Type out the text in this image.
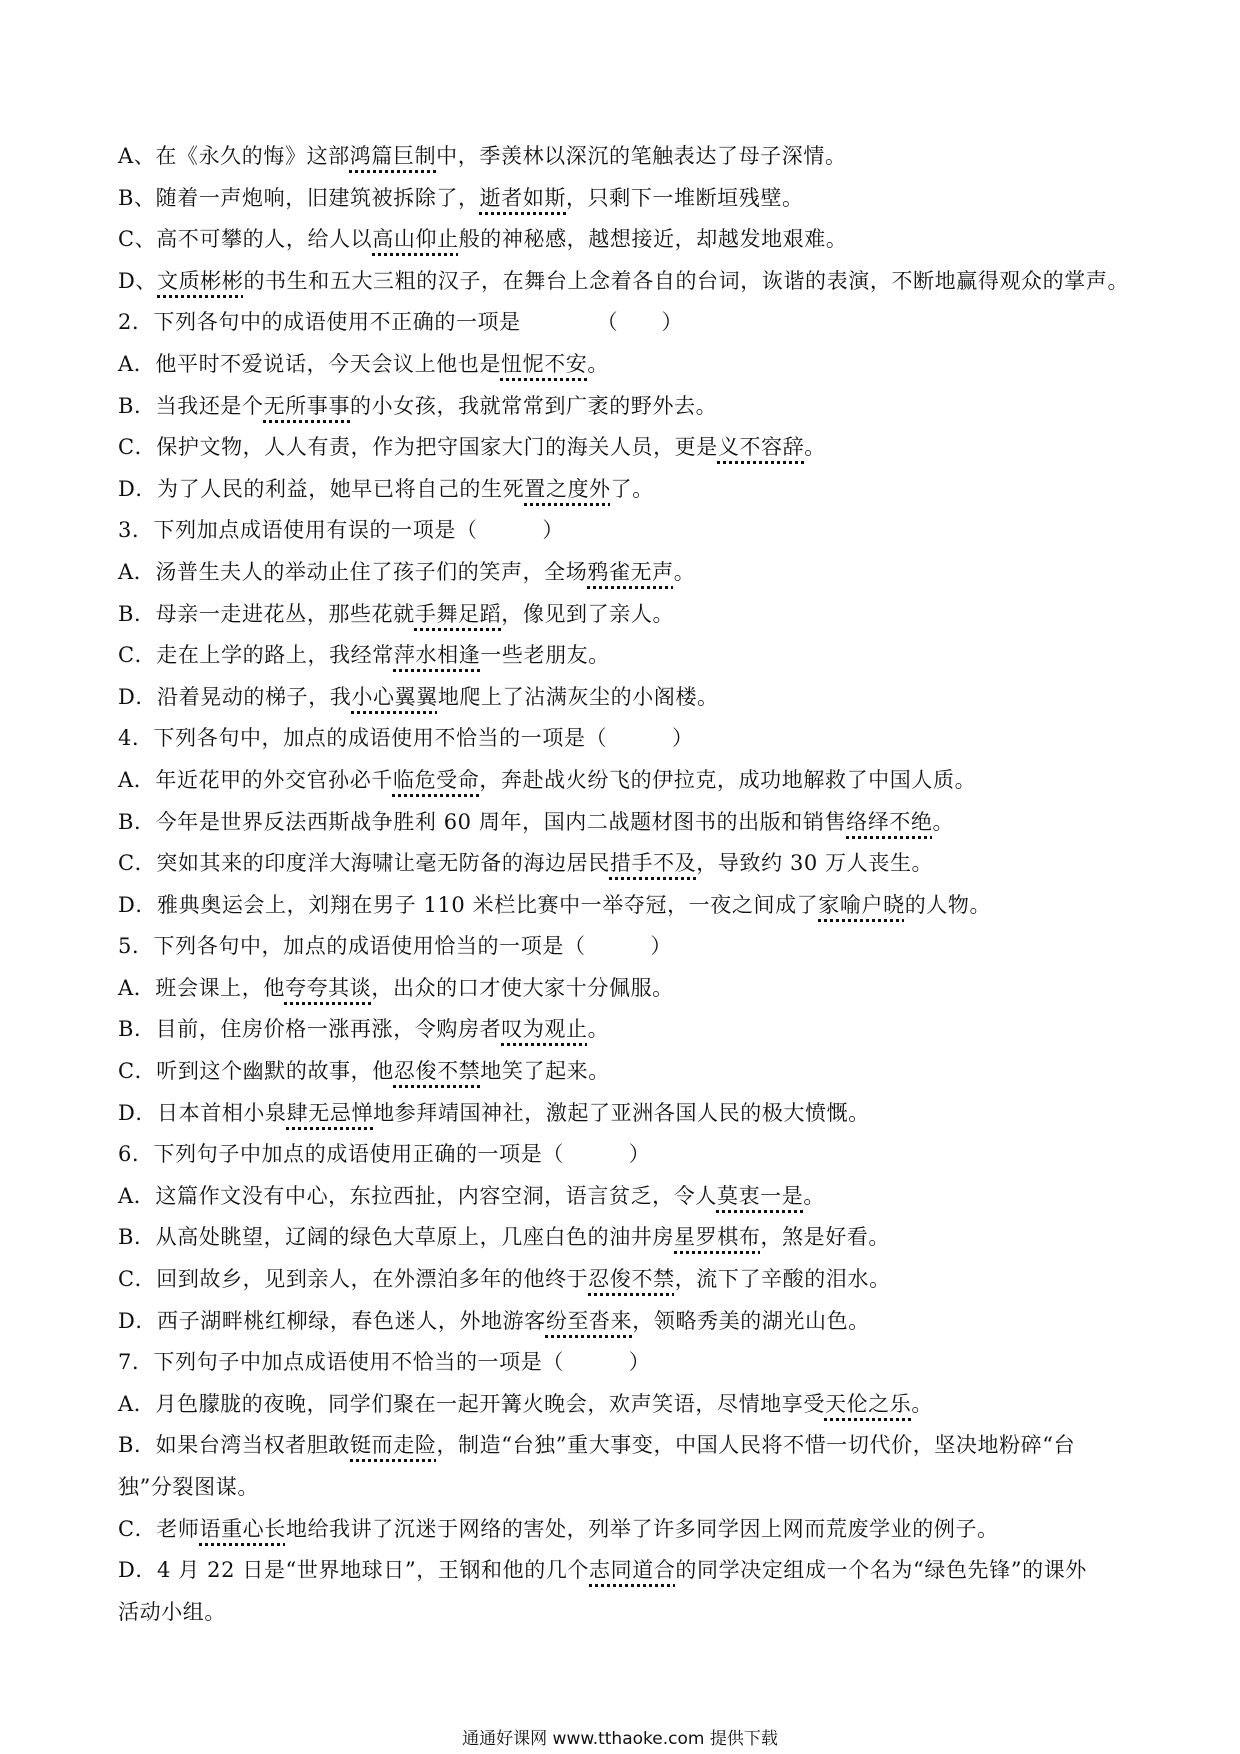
A、在《永久的悔》这部鸿篇巨制中，季羡林以深沉的笔触表达了母子深情。
B、随着一声炮响，旧建筑被拆除了，逝者如斯，只剩下一堆断垣残壁。
C、高不可攀的人，给人以高山仰止般的神秘感，越想接近，却越发地艰难。
D、文质彬彬的书生和五大三粗的汉子，在舞台上念着各自的台词，诙谐的表演，不断地赢得观众的掌声。
2．下列各句中的成语使用不正确的一项是　　　　（　　）
A．他平时不爱说话，今天会议上他也是忸怩不安。
B．当我还是个无所事事的小女孩，我就常常到广袤的野外去。
C．保护文物，人人有责，作为把守国家大门的海关人员，更是义不容辞。
D．为了人民的利益，她早已将自己的生死置之度外了。
3．下列加点成语使用有误的一项是（　　　）
A．汤普生夫人的举动止住了孩子们的笑声，全场鸦雀无声。
B．母亲一走进花丛，那些花就手舞足蹈，像见到了亲人。
C．走在上学的路上，我经常萍水相逢一些老朋友。
D．沿着晃动的梯子，我小心翼翼地爬上了沾满灰尘的小阁楼。
4．下列各句中，加点的成语使用不恰当的一项是（　　　）
A．年近花甲的外交官孙必千临危受命，奔赴战火纷飞的伊拉克，成功地解救了中国人质。
B．今年是世界反法西斯战争胜利 60 周年，国内二战题材图书的出版和销售络绎不绝。
C．突如其来的印度洋大海啸让毫无防备的海边居民措手不及，导致约 30 万人丧生。
D．雅典奥运会上，刘翔在男子 110 米栏比赛中一举夺冠，一夜之间成了家喻户晓的人物。
5．下列各句中，加点的成语使用恰当的一项是（　　　）
A．班会课上，他夸夸其谈，出众的口才使大家十分佩服。
B．目前，住房价格一涨再涨，令购房者叹为观止。
C．听到这个幽默的故事，他忍俊不禁地笑了起来。
D．日本首相小泉肆无忌惮地参拜靖国神社，激起了亚洲各国人民的极大愤慨。
6．下列句子中加点的成语使用正确的一项是（　　　）
A．这篇作文没有中心，东拉西扯，内容空洞，语言贫乏，令人莫衷一是。
B．从高处眺望，辽阔的绿色大草原上，几座白色的油井房星罗棋布，煞是好看。
C．回到故乡，见到亲人，在外漂泊多年的他终于忍俊不禁，流下了辛酸的泪水。
D．西子湖畔桃红柳绿，春色迷人，外地游客纷至沓来，领略秀美的湖光山色。
7．下列句子中加点成语使用不恰当的一项是（　　　）
A．月色朦胧的夜晚，同学们聚在一起开篝火晚会，欢声笑语，尽情地享受天伦之乐。
B．如果台湾当权者胆敢铤而走险，制造“台独”重大事变，中国人民将不惜一切代价，坚决地粉碎“台
独”分裂图谋。
C．老师语重心长地给我讲了沉迷于网络的害处，列举了许多同学因上网而荒废学业的例子。
D．4 月 22 日是“世界地球日”，王钢和他的几个志同道合的同学决定组成一个名为“绿色先锋”的课外
活动小组。
通通好课网 www.tthaoke.com 提供下载
